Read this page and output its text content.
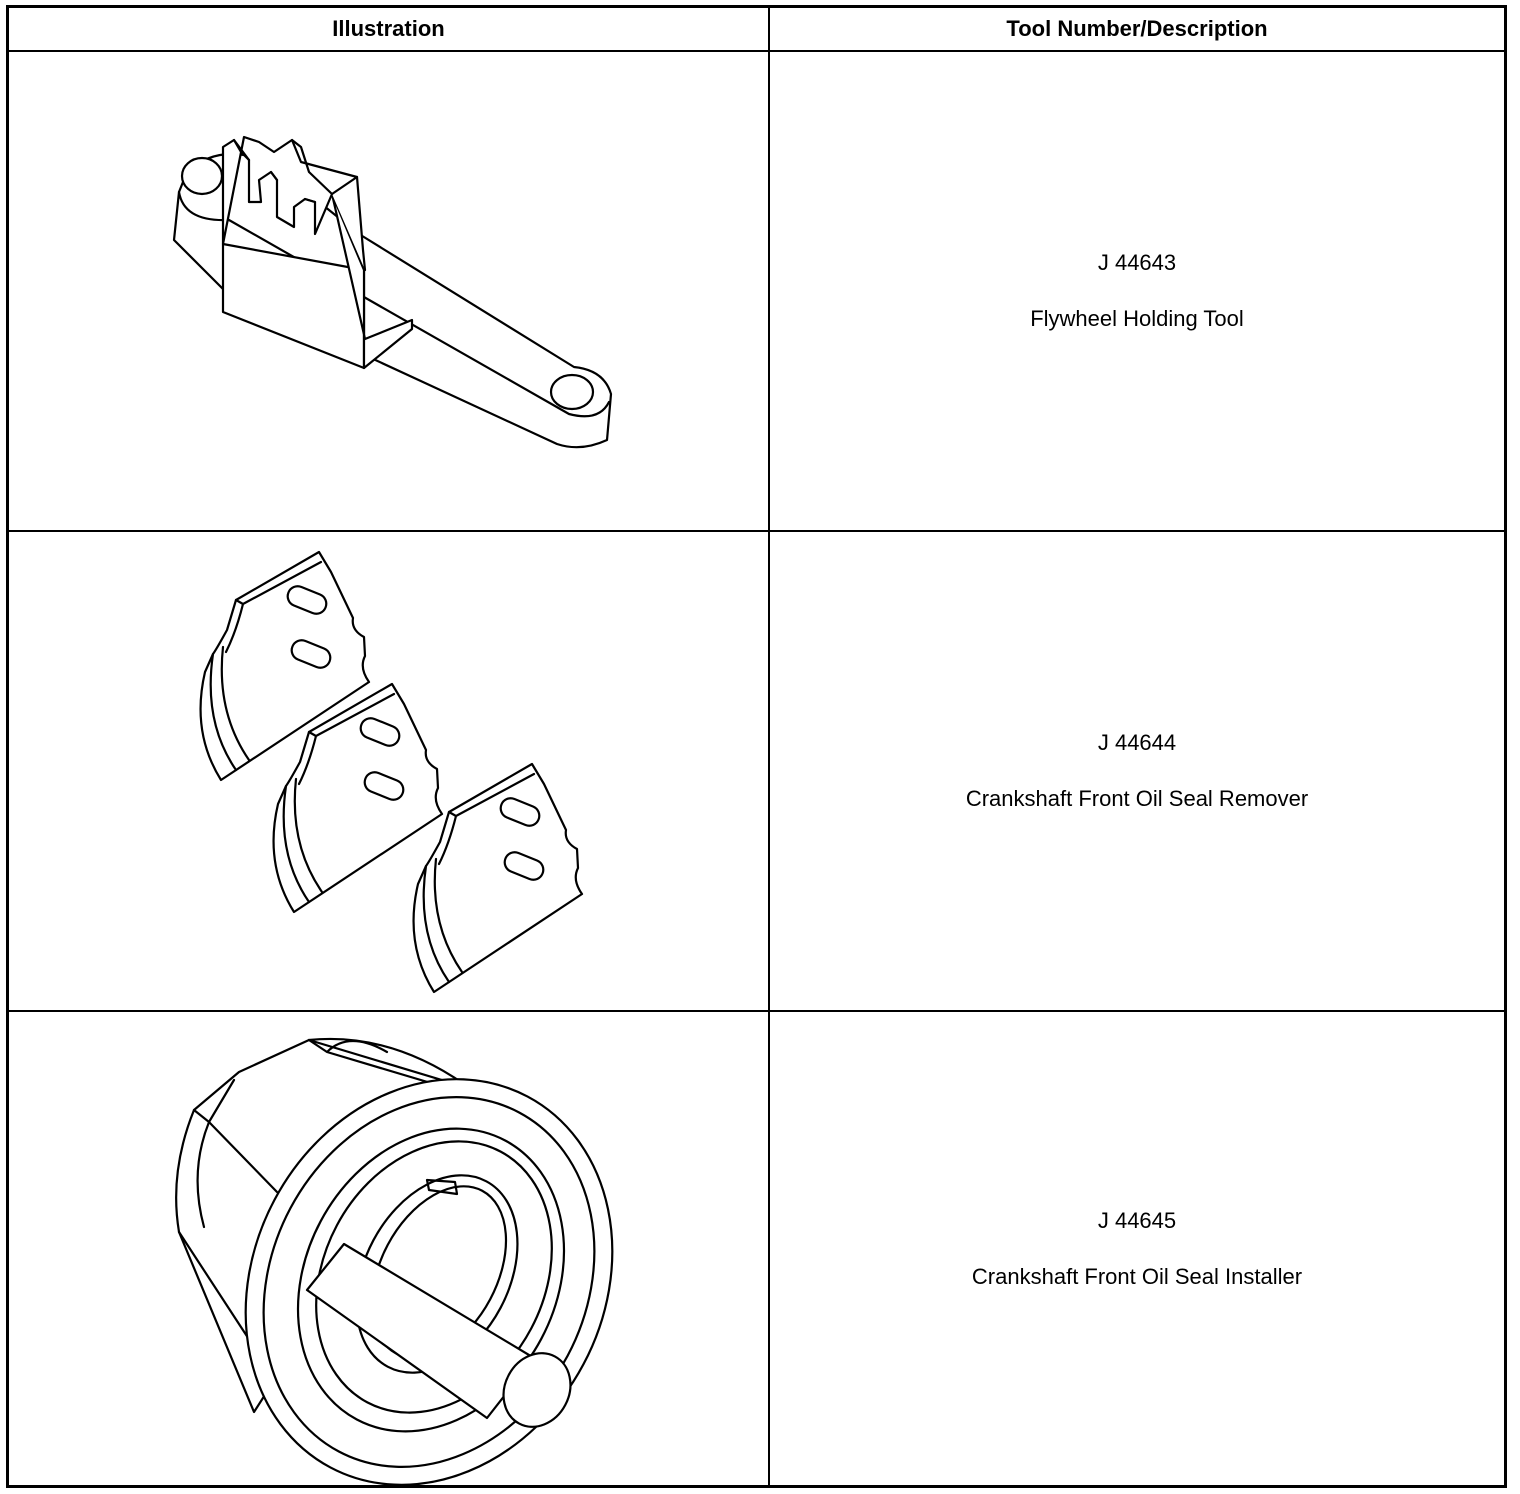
Illustration	Tool Number/Description
J 44643
Flywheel Holding Tool
J 44644
Crankshaft Front Oil Seal Remover
J 44645
Crankshaft Front Oil Seal Installer
